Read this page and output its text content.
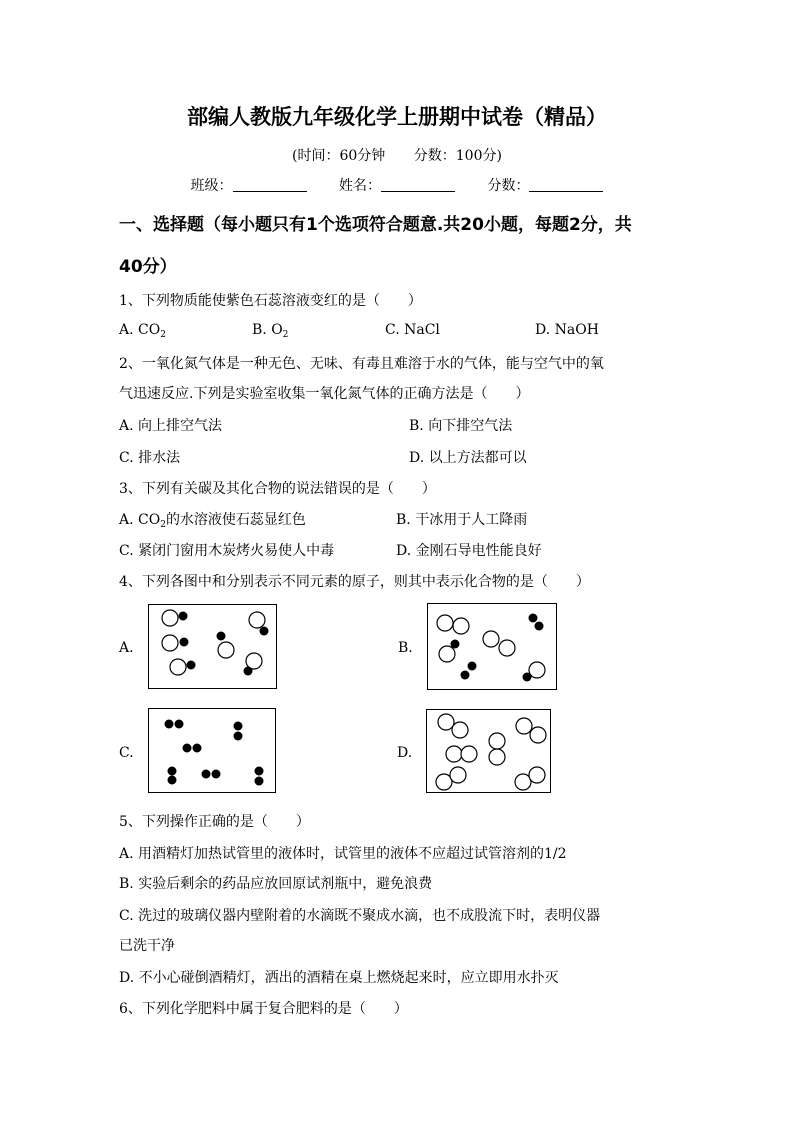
部编人教版九年级化学上册期中试卷（精品）
(时间：60分钟 分数：100分)
班级：	姓名：	分数：
一、选择题（每小题只有1个选项符合题意.共20小题，每题2分，共
40分）
1、下列物质能使紫色石蕊溶液变红的是（　　）
A. $CO_2$	B. $O_2$	C. NaCl	D. NaOH
2、一氧化氮气体是一种无色、无味、有毒且难溶于水的气体，能与空气中的氧
气迅速反应.下列是实验室收集一氧化氮气体的正确方法是（　　）
A. 向上排空气法	B. 向下排空气法
C. 排水法	D. 以上方法都可以
3、下列有关碳及其化合物的说法错误的是（　　）
A. $CO_2$的水溶液使石蕊显红色	B. 干冰用于人工降雨
C. 紧闭门窗用木炭烤火易使人中毒	D. 金刚石导电性能良好
4、下列各图中和分别表示不同元素的原子，则其中表示化合物的是（　　）
A.	B.
C.	D.
5、下列操作正确的是（　　）
A. 用酒精灯加热试管里的液体时，试管里的液体不应超过试管溶剂的1/2
B. 实验后剩余的药品应放回原试剂瓶中，避免浪费
C. 洗过的玻璃仪器内壁附着的水滴既不聚成水滴，也不成股流下时，表明仪器
已洗干净
D. 不小心碰倒酒精灯，洒出的酒精在桌上燃烧起来时，应立即用水扑灭
6、下列化学肥料中属于复合肥料的是（　　）
